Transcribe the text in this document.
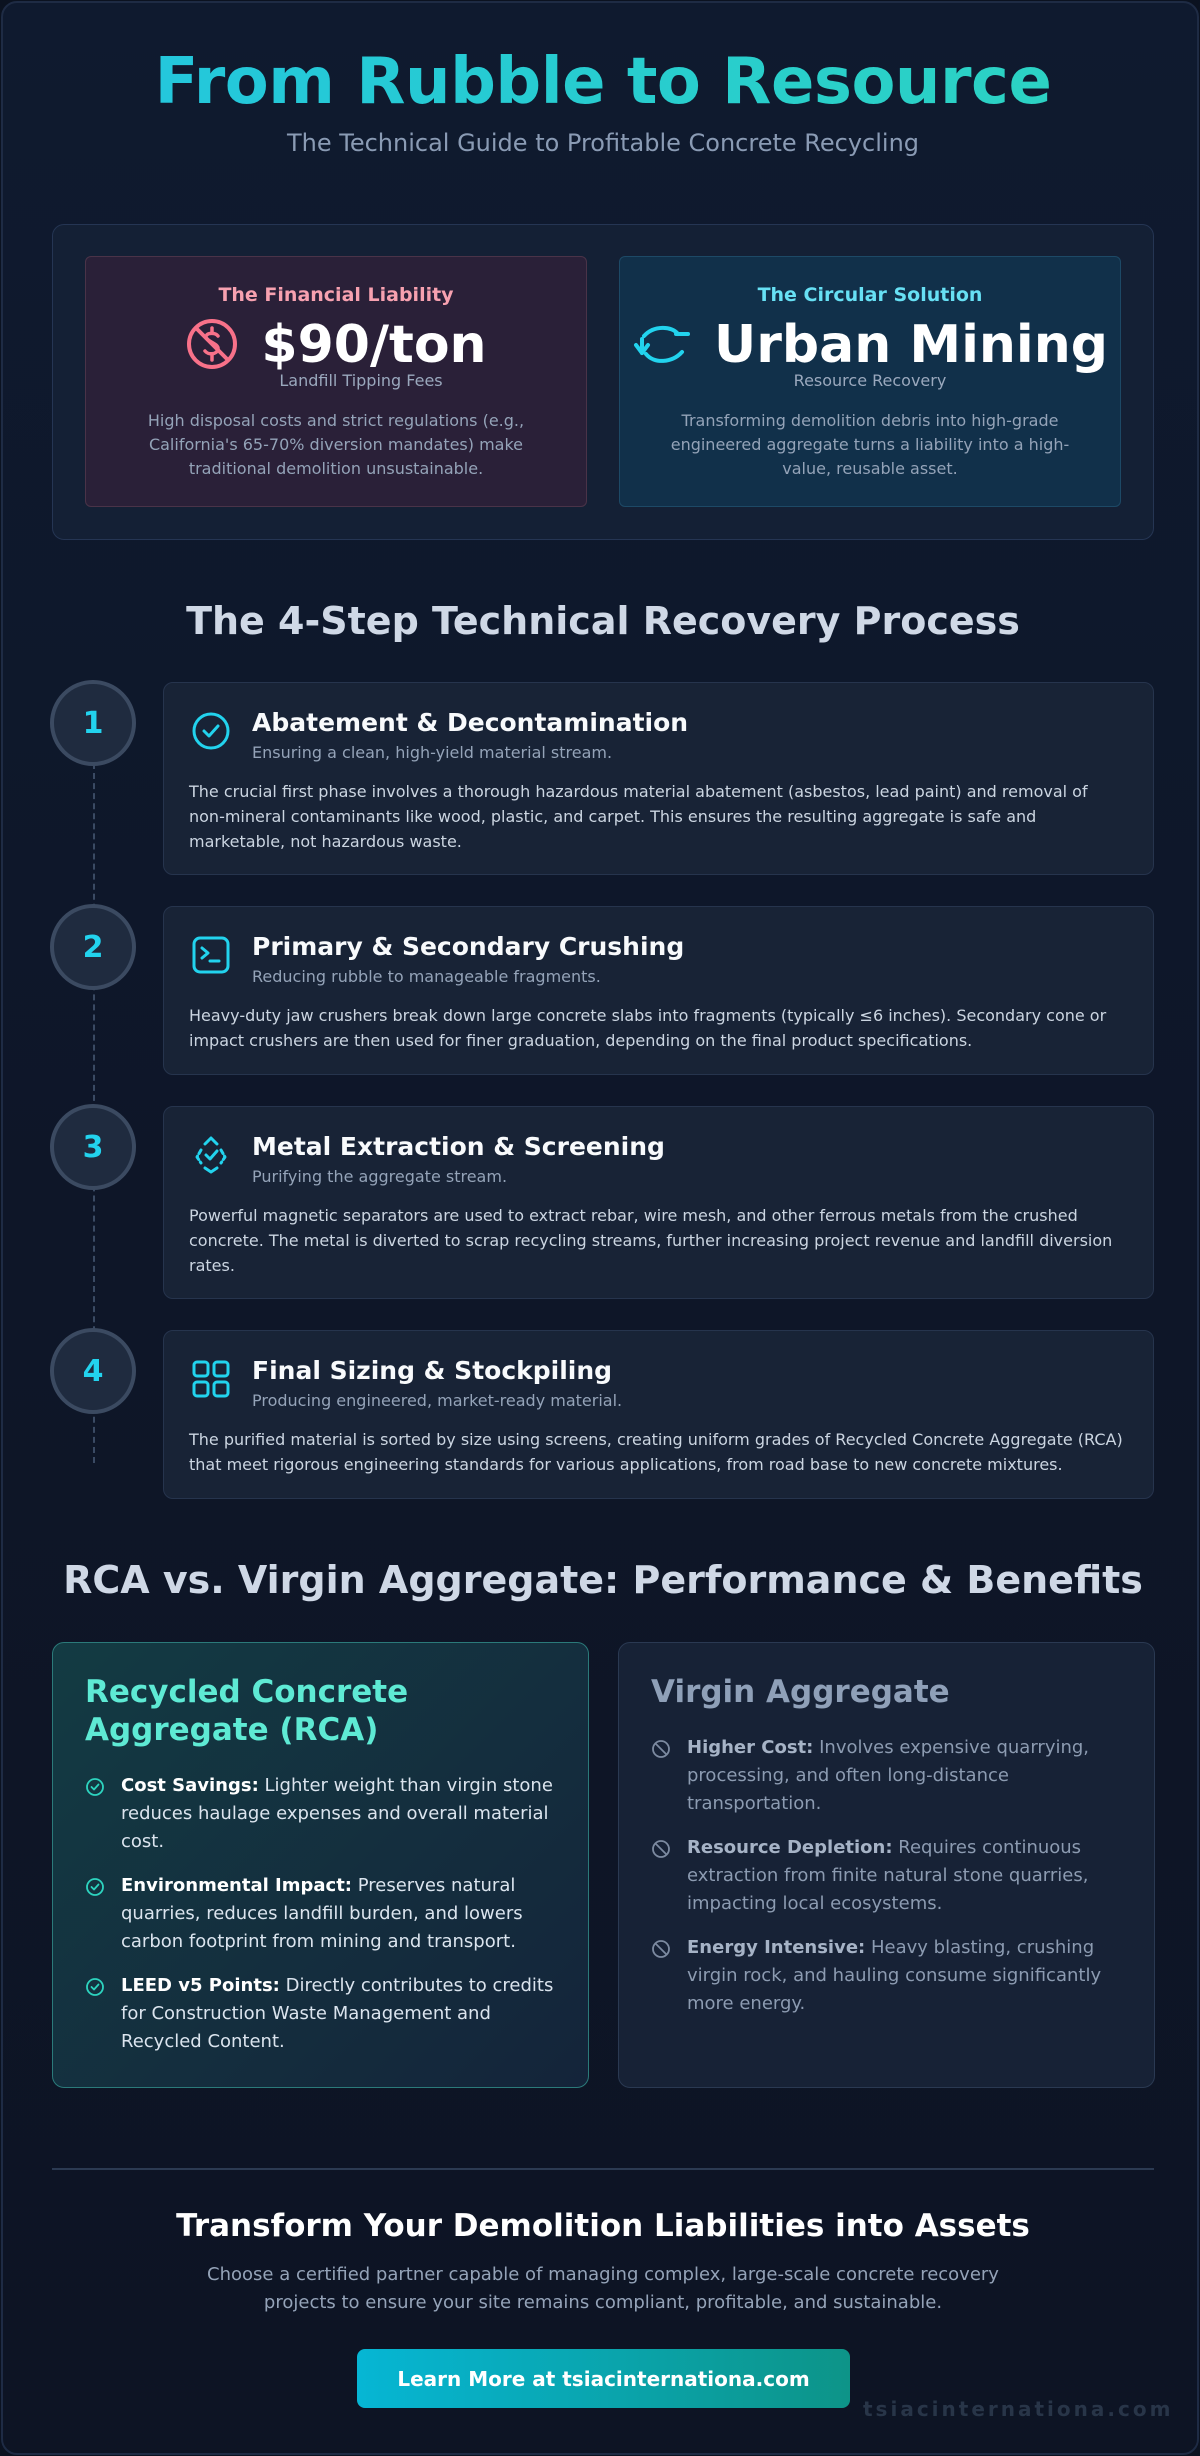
From Rubble to Resource
The Technical Guide to Profitable Concrete Recycling
The Financial Liability
$90/ton
Landfill Tipping Fees
High disposal costs and strict regulations (e.g., California's 65-70% diversion mandates) make traditional demolition unsustainable.
The Circular Solution
Urban Mining
Resource Recovery
Transforming demolition debris into high-grade engineered aggregate turns a liability into a high-value, reusable asset.
The 4-Step Technical Recovery Process
1	Abatement & Decontamination
Ensuring a clean, high-yield material stream.
The crucial first phase involves a thorough hazardous material abatement (asbestos, lead paint) and removal of non-mineral contaminants like wood, plastic, and carpet. This ensures the resulting aggregate is safe and marketable, not hazardous waste.
2	Primary & Secondary Crushing
Reducing rubble to manageable fragments.
Heavy-duty jaw crushers break down large concrete slabs into fragments (typically ≤6 inches). Secondary cone or impact crushers are then used for finer graduation, depending on the final product specifications.
3	Metal Extraction & Screening
Purifying the aggregate stream.
Powerful magnetic separators are used to extract rebar, wire mesh, and other ferrous metals from the crushed concrete. The metal is diverted to scrap recycling streams, further increasing project revenue and landfill diversion rates.
4	Final Sizing & Stockpiling
Producing engineered, market-ready material.
The purified material is sorted by size using screens, creating uniform grades of Recycled Concrete Aggregate (RCA) that meet rigorous engineering standards for various applications, from road base to new concrete mixtures.
RCA vs. Virgin Aggregate: Performance & Benefits
Recycled Concrete Aggregate (RCA)
Cost Savings: Lighter weight than virgin stone reduces haulage expenses and overall material cost.
Environmental Impact: Preserves natural quarries, reduces landfill burden, and lowers carbon footprint from mining and transport.
LEED v5 Points: Directly contributes to credits for Construction Waste Management and Recycled Content.
Virgin Aggregate
Higher Cost: Involves expensive quarrying, processing, and often long-distance transportation.
Resource Depletion: Requires continuous extraction from finite natural stone quarries, impacting local ecosystems.
Energy Intensive: Heavy blasting, crushing virgin rock, and hauling consume significantly more energy.
Transform Your Demolition Liabilities into Assets
Choose a certified partner capable of managing complex, large-scale concrete recovery projects to ensure your site remains compliant, profitable, and sustainable.
Learn More at tsiacinternationa.com
tsiacinternationa.com
